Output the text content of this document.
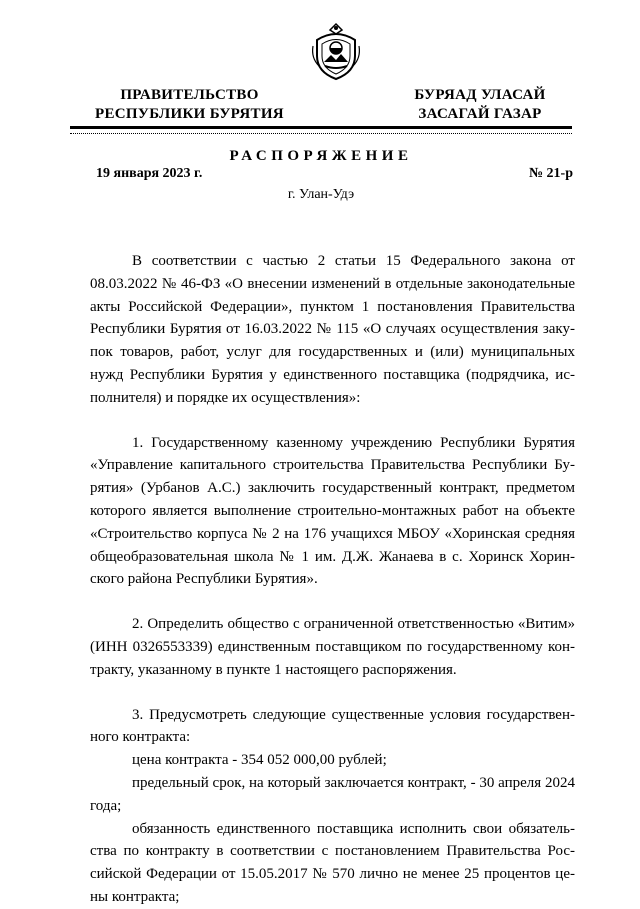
ПРАВИТЕЛЬСТВО
РЕСПУБЛИКИ БУРЯТИЯ
БУРЯАД УЛАСАЙ
ЗАСАГАЙ ГАЗАР
РАСПОРЯЖЕНИЕ
19 января 2023 г.	№ 21-р
г. Улан-Удэ

В соответствии с частью 2 статьи 15 Федерального закона от 08.03.2022 № 46-ФЗ «О внесении изменений в отдельные законодательные акты Российской Федерации», пунктом 1 постановления Правительства Республики Бурятия от 16.03.2022 № 115 «О случаях осуществления закупок товаров, работ, услуг для государственных и (или) муниципальных нужд Республики Бурятия у единственного поставщика (подрядчика, исполнителя) и порядке их осуществления»:

1. Государственному казенному учреждению Республики Бурятия «Управление капитального строительства Правительства Республики Бурятия» (Урбанов А.С.) заключить государственный контракт, предметом которого является выполнение строительно-монтажных работ на объекте «Строительство корпуса № 2 на 176 учащихся МБОУ «Хоринская средняя общеобразовательная школа № 1 им. Д.Ж. Жанаева в с. Хоринск Хоринского района Республики Бурятия».

2. Определить общество с ограниченной ответственностью «Витим» (ИНН 0326553339) единственным поставщиком по государственному контракту, указанному в пункте 1 настоящего распоряжения.

3. Предусмотреть следующие существенные условия государственного контракта:

цена контракта - 354 052 000,00 рублей;

предельный срок, на который заключается контракт, - 30 апреля 2024 года;

обязанность единственного поставщика исполнить свои обязательства по контракту в соответствии с постановлением Правительства Российской Федерации от 15.05.2017 № 570 лично не менее 25 процентов цены контракта;
